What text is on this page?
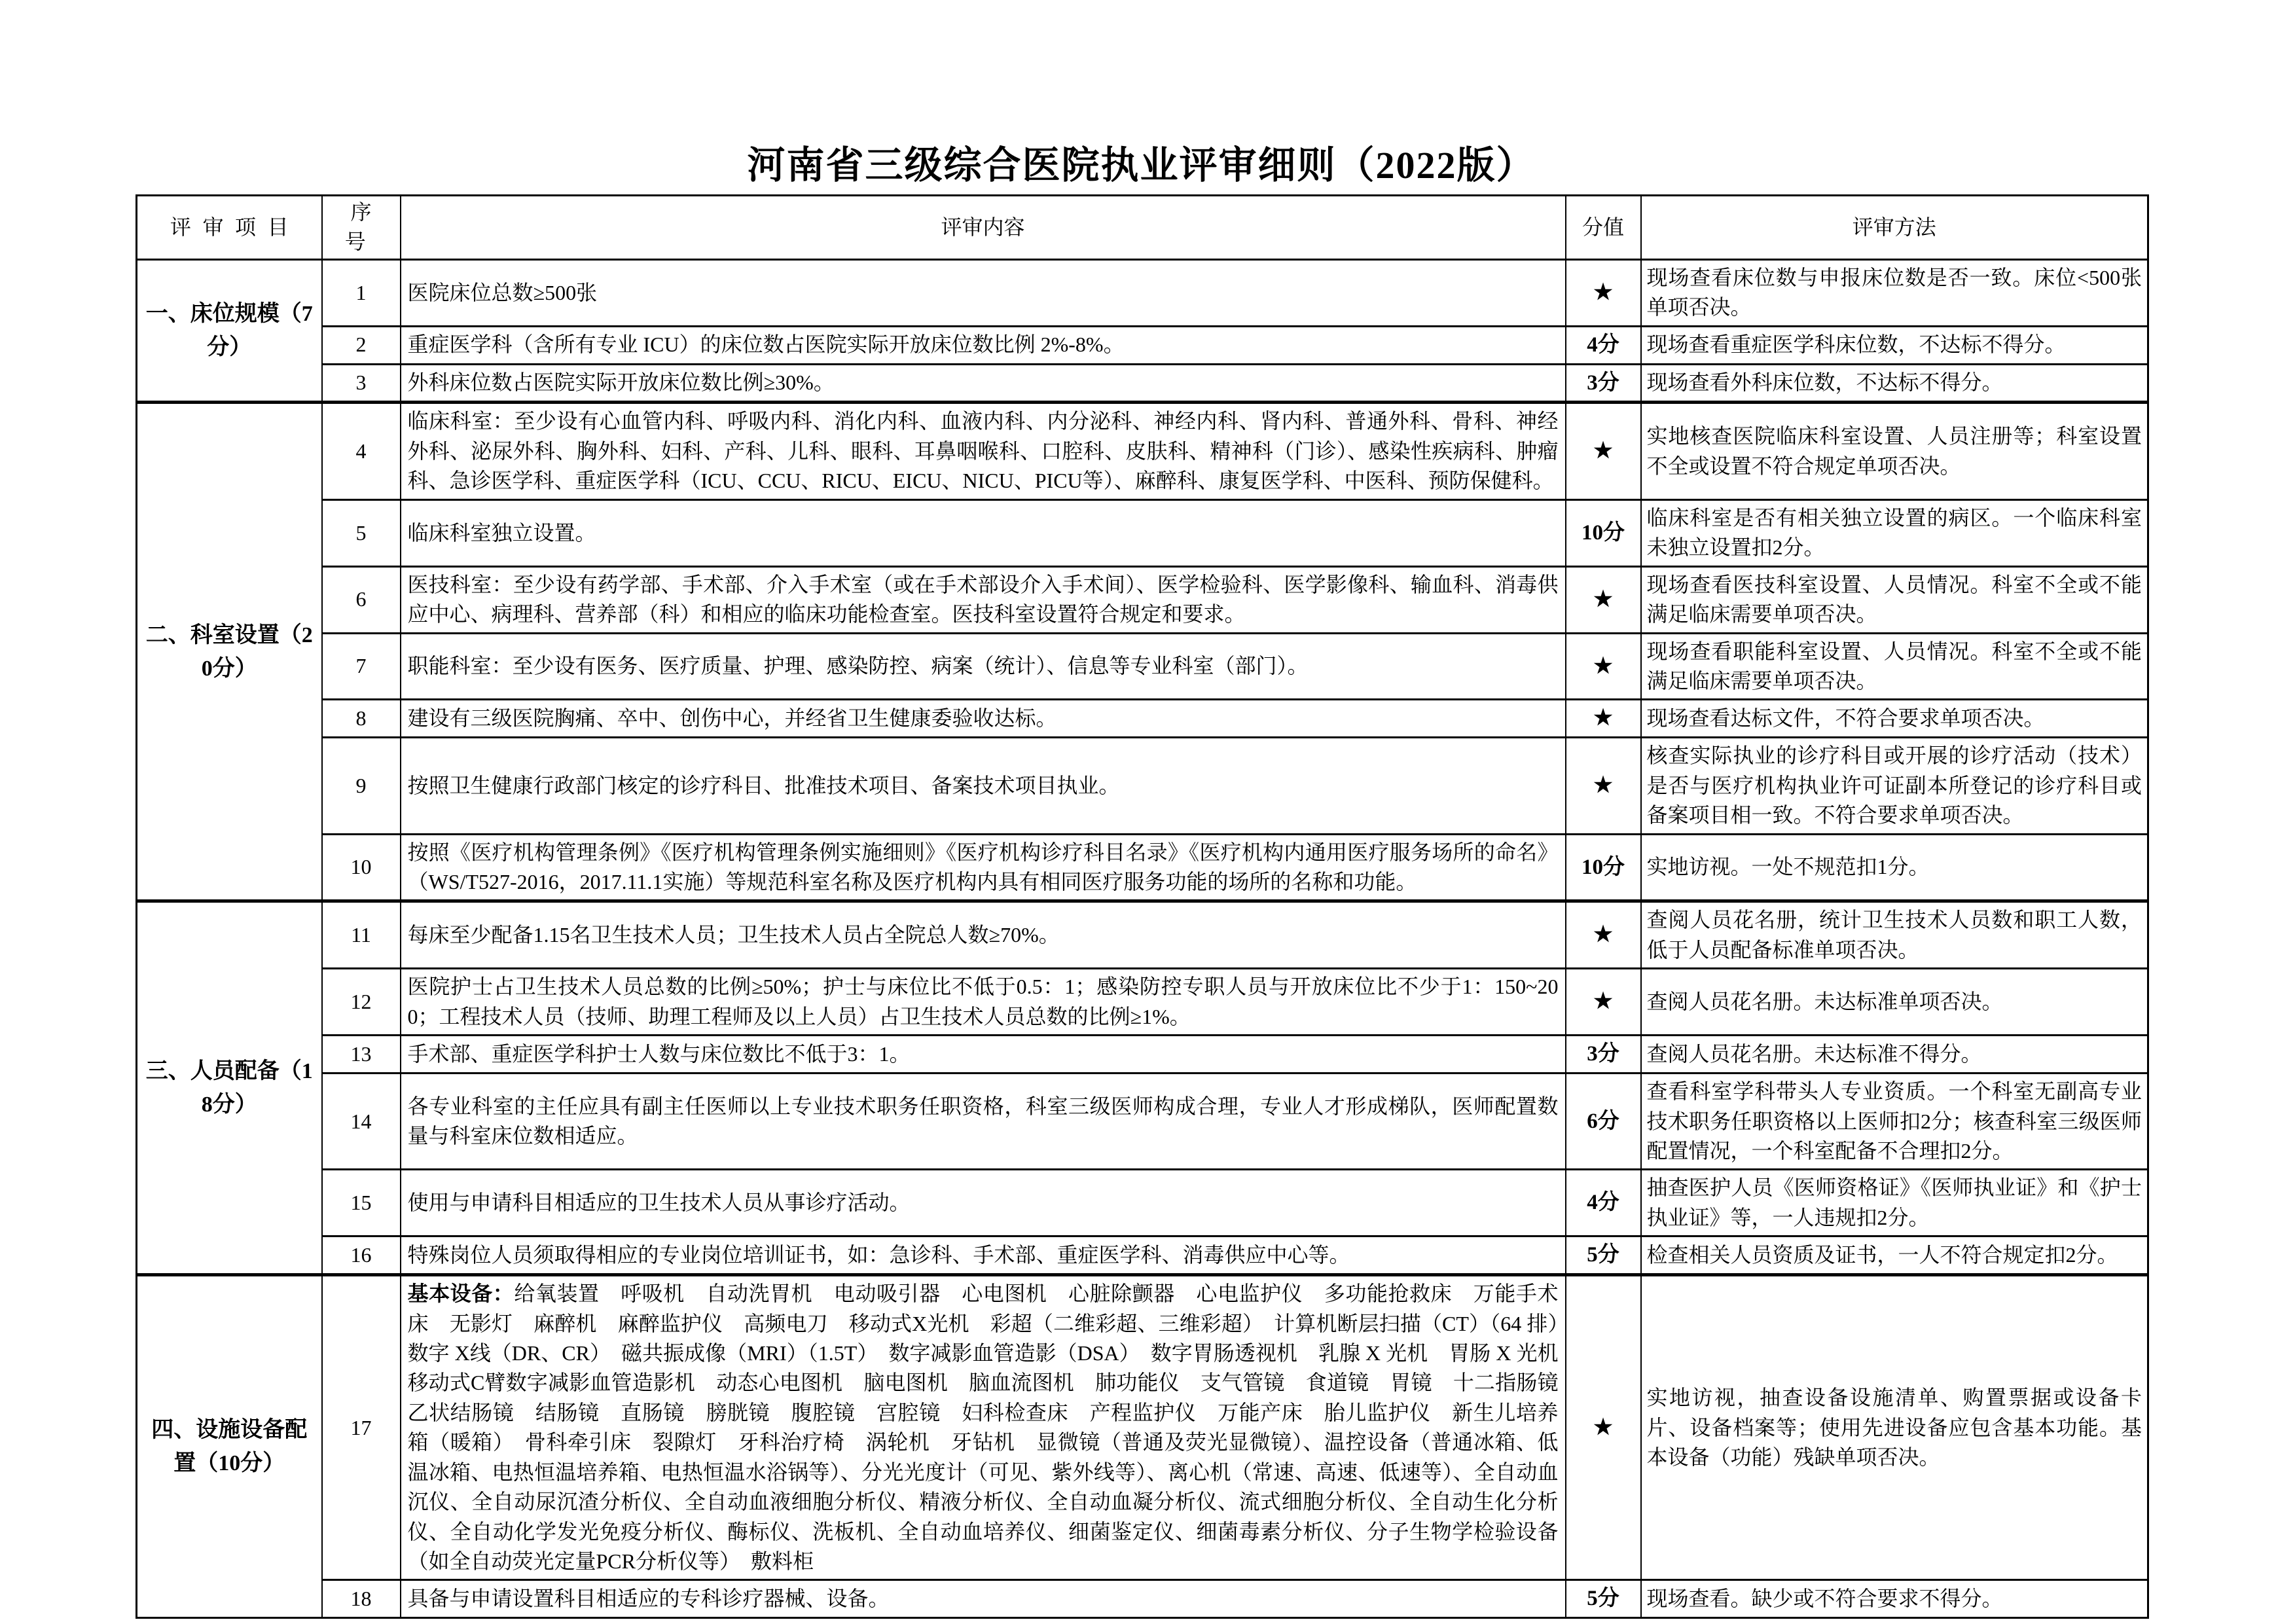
河南省三级综合医院执业评审细则（2022版）
评审项目	序号	评审内容	分值	评审方法
一、床位规模（7分）	1	医院床位总数≥500张	★	现场查看床位数与申报床位数是否一致。床位<500张单项否决。
	2	重症医学科（含所有专业 ICU）的床位数占医院实际开放床位数比例 2%-8%。	4分	现场查看重症医学科床位数，不达标不得分。
	3	外科床位数占医院实际开放床位数比例≥30%。	3分	现场查看外科床位数，不达标不得分。
二、科室设置（20分）	4	临床科室：至少设有心血管内科、呼吸内科、消化内科、血液内科、内分泌科、神经内科、肾内科、普通外科、骨科、神经外科、泌尿外科、胸外科、妇科、产科、儿科、眼科、耳鼻咽喉科、口腔科、皮肤科、精神科（门诊）、感染性疾病科、肿瘤科、急诊医学科、重症医学科（ICU、CCU、RICU、EICU、NICU、PICU等）、麻醉科、康复医学科、中医科、预防保健科。	★	实地核查医院临床科室设置、人员注册等；科室设置不全或设置不符合规定单项否决。
	5	临床科室独立设置。	10分	临床科室是否有相关独立设置的病区。一个临床科室未独立设置扣2分。
	6	医技科室：至少设有药学部、手术部、介入手术室（或在手术部设介入手术间）、医学检验科、医学影像科、输血科、消毒供应中心、病理科、营养部（科）和相应的临床功能检查室。医技科室设置符合规定和要求。	★	现场查看医技科室设置、人员情况。科室不全或不能满足临床需要单项否决。
	7	职能科室：至少设有医务、医疗质量、护理、感染防控、病案（统计）、信息等专业科室（部门）。	★	现场查看职能科室设置、人员情况。科室不全或不能满足临床需要单项否决。
	8	建设有三级医院胸痛、卒中、创伤中心，并经省卫生健康委验收达标。	★	现场查看达标文件，不符合要求单项否决。
	9	按照卫生健康行政部门核定的诊疗科目、批准技术项目、备案技术项目执业。	★	核查实际执业的诊疗科目或开展的诊疗活动（技术）是否与医疗机构执业许可证副本所登记的诊疗科目或备案项目相一致。不符合要求单项否决。
	10	按照《医疗机构管理条例》《医疗机构管理条例实施细则》《医疗机构诊疗科目名录》《医疗机构内通用医疗服务场所的命名》（WS/T527-2016，2017.11.1实施）等规范科室名称及医疗机构内具有相同医疗服务功能的场所的名称和功能。	10分	实地访视。一处不规范扣1分。
三、人员配备（18分）	11	每床至少配备1.15名卫生技术人员；卫生技术人员占全院总人数≥70%。	★	查阅人员花名册，统计卫生技术人员数和职工人数，低于人员配备标准单项否决。
	12	医院护士占卫生技术人员总数的比例≥50%；护士与床位比不低于0.5：1；感染防控专职人员与开放床位比不少于1：150~200；工程技术人员（技师、助理工程师及以上人员）占卫生技术人员总数的比例≥1%。	★	查阅人员花名册。未达标准单项否决。
	13	手术部、重症医学科护士人数与床位数比不低于3：1。	3分	查阅人员花名册。未达标准不得分。
	14	各专业科室的主任应具有副主任医师以上专业技术职务任职资格，科室三级医师构成合理，专业人才形成梯队，医师配置数量与科室床位数相适应。	6分	查看科室学科带头人专业资质。一个科室无副高专业技术职务任职资格以上医师扣2分；核查科室三级医师配置情况，一个科室配备不合理扣2分。
	15	使用与申请科目相适应的卫生技术人员从事诊疗活动。	4分	抽查医护人员《医师资格证》《医师执业证》和《护士执业证》等，一人违规扣2分。
	16	特殊岗位人员须取得相应的专业岗位培训证书，如：急诊科、手术部、重症医学科、消毒供应中心等。	5分	检查相关人员资质及证书，一人不符合规定扣2分。
四、设施设备配置（10分）	17	基本设备：给氧装置　呼吸机　自动洗胃机　电动吸引器　心电图机　心脏除颤器　心电监护仪　多功能抢救床　万能手术床　无影灯　麻醉机　麻醉监护仪　高频电刀　移动式X光机　彩超（二维彩超、三维彩超）　计算机断层扫描（CT）（64 排）　数字 X线（DR、CR）　磁共振成像（MRI）（1.5T）　数字减影血管造影（DSA）　数字胃肠透视机　乳腺 X 光机　胃肠 X 光机　移动式C臂数字减影血管造影机　动态心电图机　脑电图机　脑血流图机　肺功能仪　支气管镜　食道镜　胃镜　十二指肠镜　乙状结肠镜　结肠镜　直肠镜　膀胱镜　腹腔镜　宫腔镜　妇科检查床　产程监护仪　万能产床　胎儿监护仪　新生儿培养箱（暖箱）　骨科牵引床　裂隙灯　牙科治疗椅　涡轮机　牙钻机　显微镜（普通及荧光显微镜）、温控设备（普通冰箱、低温冰箱、电热恒温培养箱、电热恒温水浴锅等）、分光光度计（可见、紫外线等）、离心机（常速、高速、低速等）、全自动血沉仪、全自动尿沉渣分析仪、全自动血液细胞分析仪、精液分析仪、全自动血凝分析仪、流式细胞分析仪、全自动生化分析仪、全自动化学发光免疫分析仪、酶标仪、洗板机、全自动血培养仪、细菌鉴定仪、细菌毒素分析仪、分子生物学检验设备（如全自动荧光定量PCR分析仪等）　敷料柜	★	实地访视，抽查设备设施清单、购置票据或设备卡片、设备档案等；使用先进设备应包含基本功能。基本设备（功能）残缺单项否决。
	18	具备与申请设置科目相适应的专科诊疗器械、设备。	5分	现场查看。缺少或不符合要求不得分。
